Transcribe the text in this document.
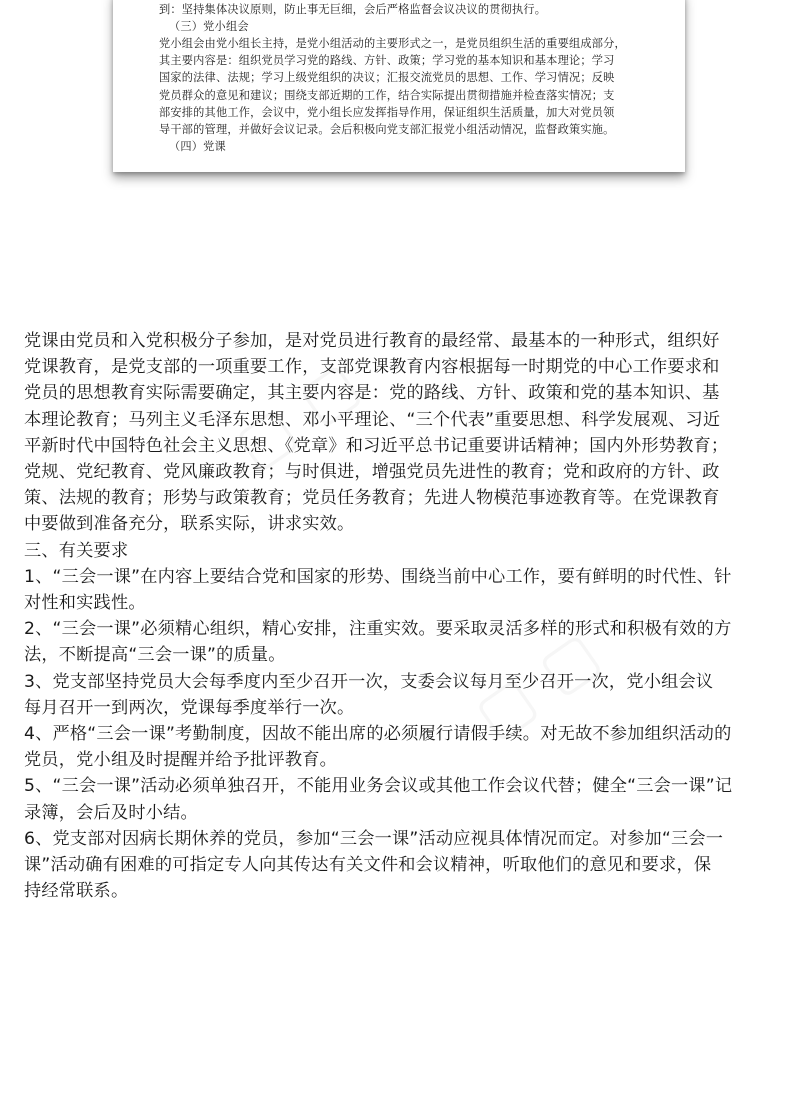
到：坚持集体决议原则，防止事无巨细，会后严格监督会议决议的贯彻执行。
（三）党小组会
党小组会由党小组长主持，是党小组活动的主要形式之一，是党员组织生活的重要组成部分，
其主要内容是：组织党员学习党的路线、方针、政策；学习党的基本知识和基本理论；学习
国家的法律、法规；学习上级党组织的决议；汇报交流党员的思想、工作、学习情况；反映
党员群众的意见和建议；围绕支部近期的工作，结合实际提出贯彻措施并检查落实情况；支
部安排的其他工作，会议中，党小组长应发挥指导作用，保证组织生活质量，加大对党员领
导干部的管理，并做好会议记录。会后积极向党支部汇报党小组活动情况，监督政策实施。
（四）党课
党课由党员和入党积极分子参加，是对党员进行教育的最经常、最基本的一种形式，组织好
党课教育，是党支部的一项重要工作，支部党课教育内容根据每一时期党的中心工作要求和
党员的思想教育实际需要确定，其主要内容是：党的路线、方针、政策和党的基本知识、基
本理论教育；马列主义毛泽东思想、邓小平理论、“三个代表”重要思想、科学发展观、习近
平新时代中国特色社会主义思想、《党章》和习近平总书记重要讲话精神；国内外形势教育；
党规、党纪教育、党风廉政教育；与时俱进，增强党员先进性的教育；党和政府的方针、政
策、法规的教育；形势与政策教育；党员任务教育；先进人物模范事迹教育等。在党课教育
中要做到准备充分，联系实际，讲求实效。
三、有关要求
1、“三会一课”在内容上要结合党和国家的形势、围绕当前中心工作，要有鲜明的时代性、针
对性和实践性。
2、“三会一课”必须精心组织，精心安排，注重实效。要采取灵活多样的形式和积极有效的方
法，不断提高“三会一课”的质量。
3、党支部坚持党员大会每季度内至少召开一次，支委会议每月至少召开一次，党小组会议
每月召开一到两次，党课每季度举行一次。
4、严格“三会一课”考勤制度，因故不能出席的必须履行请假手续。对无故不参加组织活动的
党员，党小组及时提醒并给予批评教育。
5、“三会一课”活动必须单独召开，不能用业务会议或其他工作会议代替；健全“三会一课”记
录簿，会后及时小结。
6、党支部对因病长期休养的党员，参加“三会一课”活动应视具体情况而定。对参加“三会一
课”活动确有困难的可指定专人向其传达有关文件和会议精神，听取他们的意见和要求，保
持经常联系。
